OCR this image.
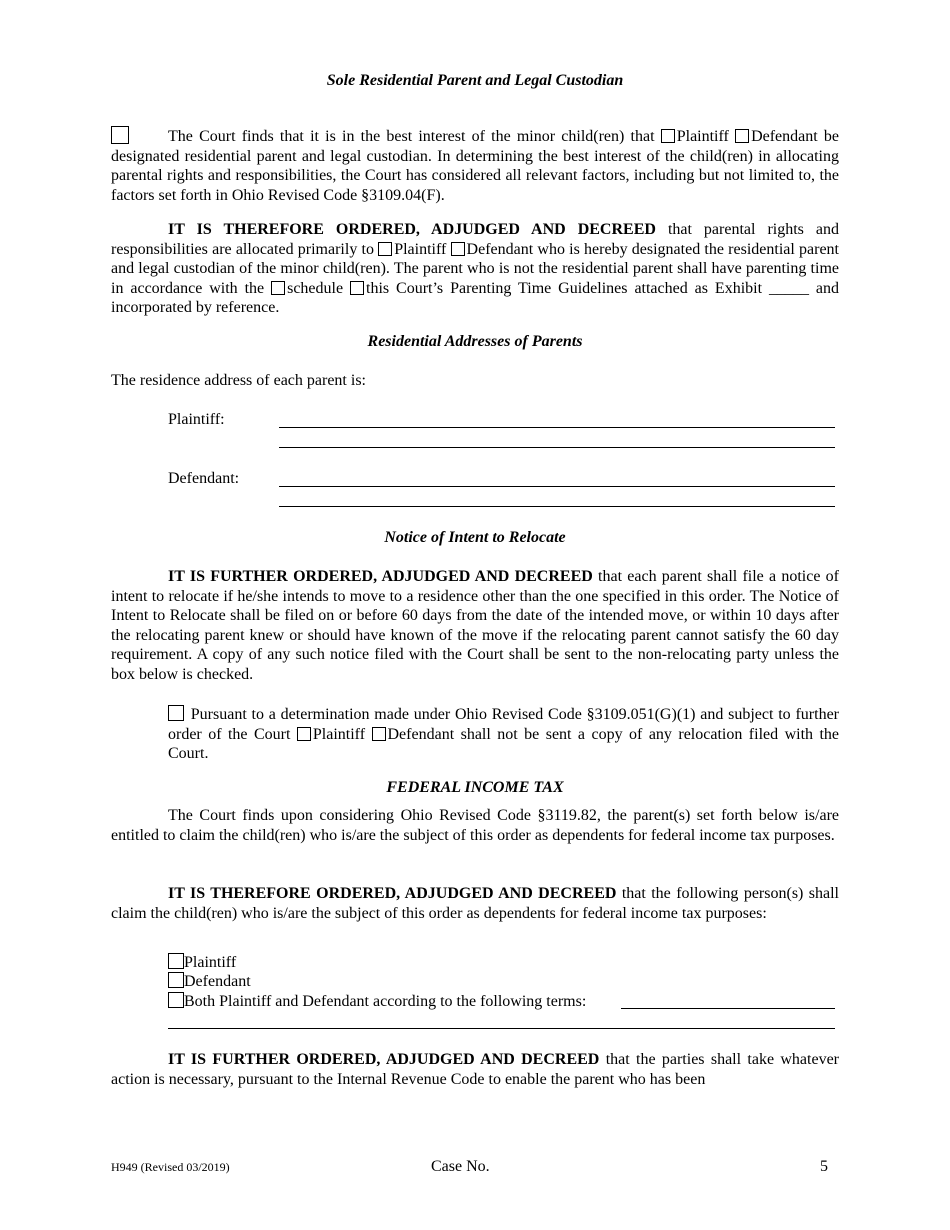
Sole Residential Parent and Legal Custodian
The Court finds that it is in the best interest of the minor child(ren) that Plaintiff Defendant be designated residential parent and legal custodian. In determining the best interest of the child(ren) in allocating parental rights and responsibilities, the Court has considered all relevant factors, including but not limited to, the factors set forth in Ohio Revised Code §3109.04(F).
IT IS THEREFORE ORDERED, ADJUDGED AND DECREED that parental rights and responsibilities are allocated primarily to Plaintiff Defendant who is hereby designated the residential parent and legal custodian of the minor child(ren). The parent who is not the residential parent shall have parenting time in accordance with the schedule this Court’s Parenting Time Guidelines attached as Exhibit _____ and incorporated by reference.
Residential Addresses of Parents
The residence address of each parent is:
Plaintiff:
Defendant:
Notice of Intent to Relocate
IT IS FURTHER ORDERED, ADJUDGED AND DECREED that each parent shall file a notice of intent to relocate if he/she intends to move to a residence other than the one specified in this order. The Notice of Intent to Relocate shall be filed on or before 60 days from the date of the intended move, or within 10 days after the relocating parent knew or should have known of the move if the relocating parent cannot satisfy the 60 day requirement. A copy of any such notice filed with the Court shall be sent to the non-relocating party unless the box below is checked.
Pursuant to a determination made under Ohio Revised Code §3109.051(G)(1) and subject to further order of the Court Plaintiff Defendant shall not be sent a copy of any relocation filed with the Court.
FEDERAL INCOME TAX
The Court finds upon considering Ohio Revised Code §3119.82, the parent(s) set forth below is/are entitled to claim the child(ren) who is/are the subject of this order as dependents for federal income tax purposes.
IT IS THEREFORE ORDERED, ADJUDGED AND DECREED that the following person(s) shall claim the child(ren) who is/are the subject of this order as dependents for federal income tax purposes:
Plaintiff
Defendant
Both Plaintiff and Defendant according to the following terms:
IT IS FURTHER ORDERED, ADJUDGED AND DECREED that the parties shall take whatever action is necessary, pursuant to the Internal Revenue Code to enable the parent who has been
H949 (Revised 03/2019)	Case No.	5
